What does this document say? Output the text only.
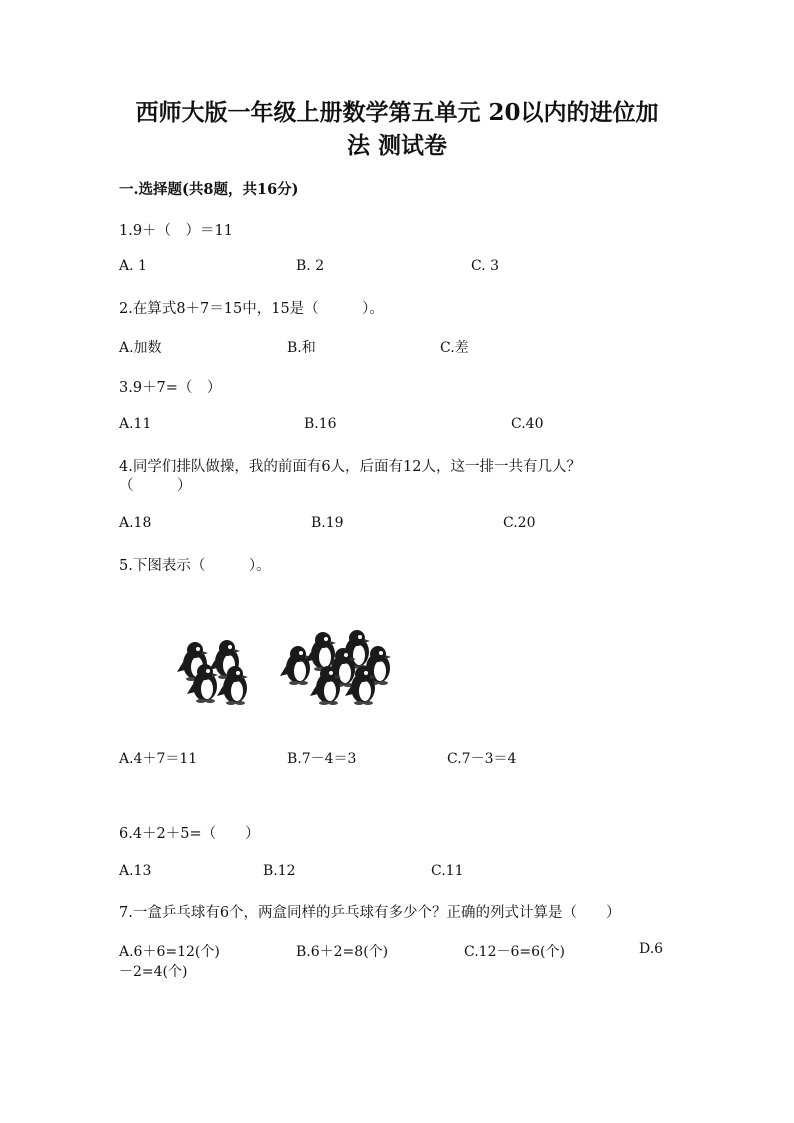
西师大版一年级上册数学第五单元 20以内的进位加
法 测试卷
一.选择题(共8题，共16分)
1.9＋（　）＝11
A. 1	B. 2	C. 3
2.在算式8＋7＝15中，15是（　　　）。
A.加数	B.和	C.差
3.9＋7=（　）
A.11	B.16	C.40
4.同学们排队做操，我的前面有6人，后面有12人，这一排一共有几人？
（　　　）
A.18	B.19	C.20
5.下图表示（　　　）。
A.4＋7＝11	B.7－4＝3	C.7－3＝4
6.4＋2＋5=（　　）
A.13	B.12	C.11
7.一盒乒乓球有6个，两盒同样的乒乓球有多少个？正确的列式计算是（　　）
A.6＋6=12(个)	B.6＋2=8(个)	C.12－6=6(个)	D.6
－2=4(个)
